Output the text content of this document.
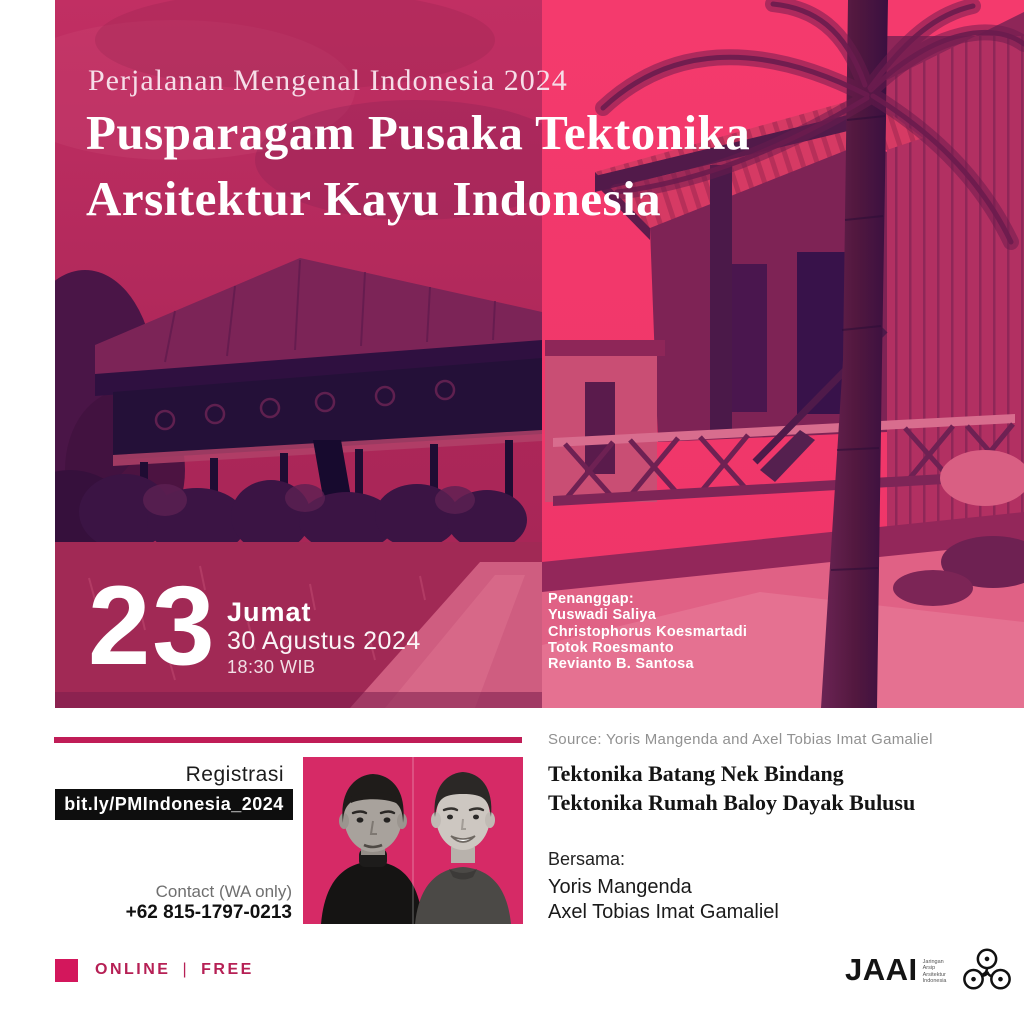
Perjalanan Mengenal Indonesia 2024
Pusparagam Pusaka Tektonika
Arsitektur Kayu Indonesia
23 Jumat
30 Agustus 2024
18:30 WIB
Penanggap:
Yuswadi Saliya
Christophorus Koesmartadi
Totok Roesmanto
Revianto B. Santosa
Source: Yoris Mangenda and Axel Tobias Imat Gamaliel
Registrasi
bit.ly/PMIndonesia_2024
Contact (WA only)
+62 815-1797-0213
Tektonika Batang Nek Bindang
Tektonika Rumah Baloy Dayak Bulusu
Bersama:
Yoris Mangenda
Axel Tobias Imat Gamaliel
ONLINE | FREE	JAAI Jaringan
Arsip
Arsitektur
Indonesia
